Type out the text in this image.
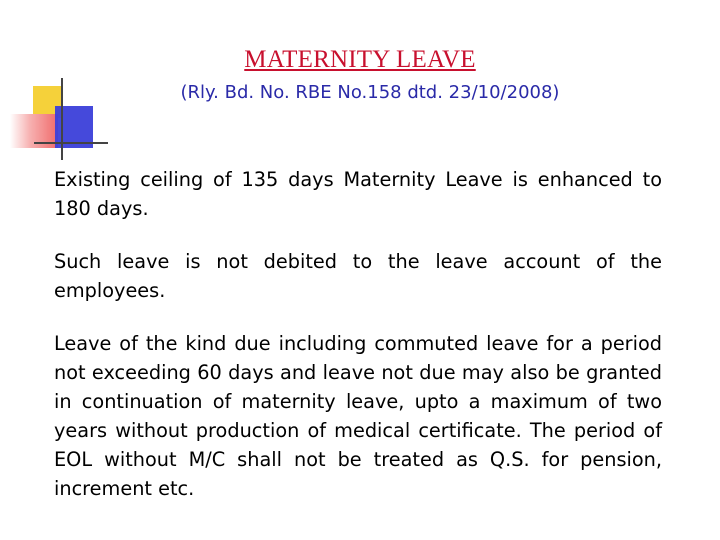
MATERNITY LEAVE
(Rly. Bd. No. RBE No.158 dtd. 23/10/2008)

Existing ceiling of 135 days Maternity Leave is enhanced to 180 days.

Such leave is not debited to the leave account of the employees.

Leave of the kind due including commuted leave for a period not exceeding 60 days and leave not due may also be granted in continuation of maternity leave, upto a maximum of two years without production of medical certificate. The period of EOL without M/C shall not be treated as Q.S. for pension, increment etc.
